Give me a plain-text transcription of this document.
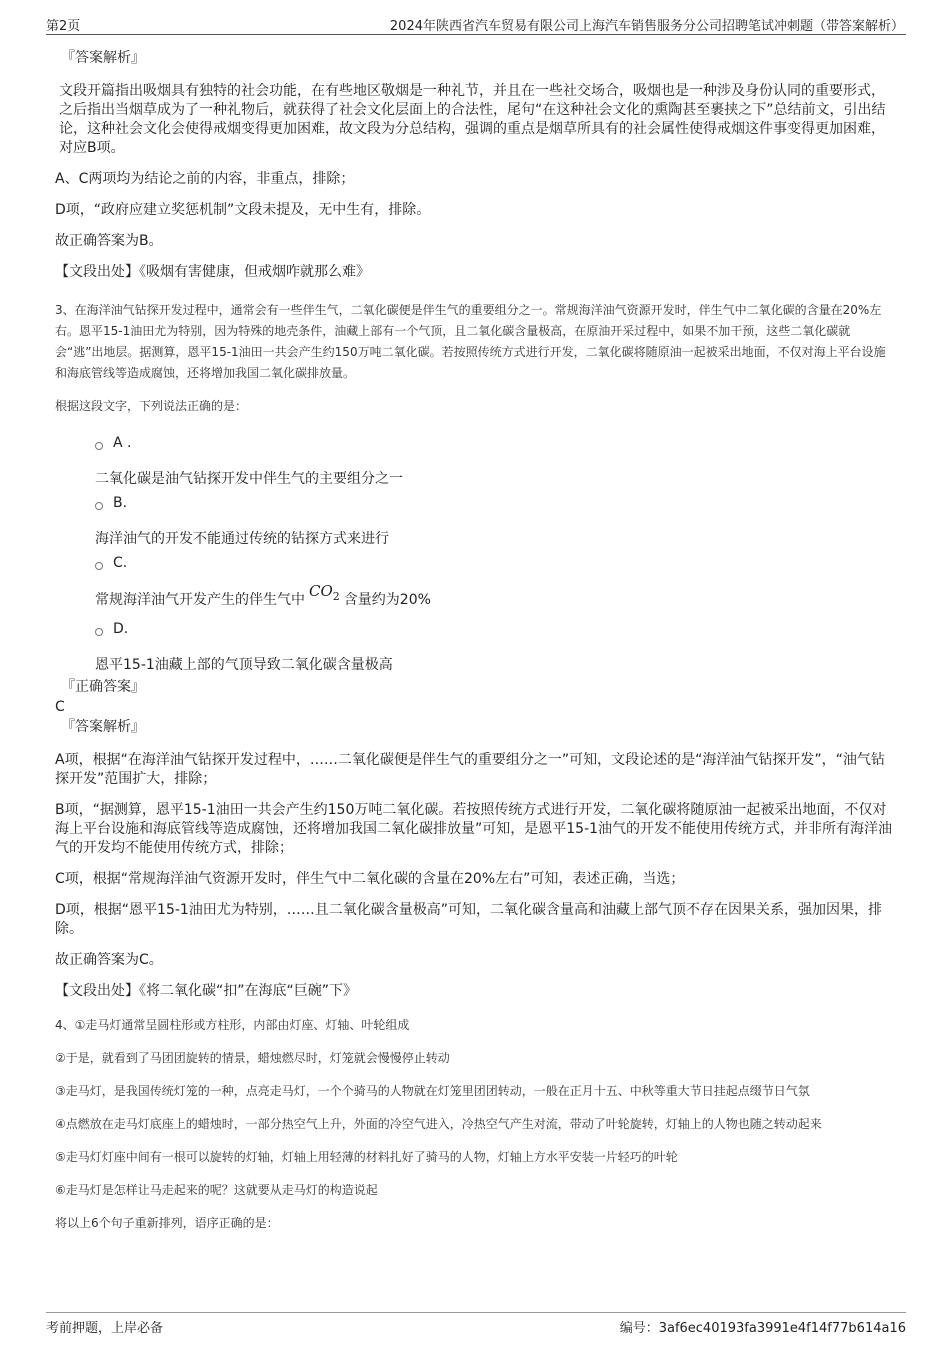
第2页	2024年陕西省汽车贸易有限公司上海汽车销售服务分公司招聘笔试冲刺题（带答案解析）
『答案解析』

文段开篇指出吸烟具有独特的社会功能，在有些地区敬烟是一种礼节，并且在一些社交场合，吸烟也是一种涉及身份认同的重要形式，之后指出当烟草成为了一种礼物后，就获得了社会文化层面上的合法性，尾句“在这种社会文化的熏陶甚至裹挟之下”总结前文，引出结论，这种社会文化会使得戒烟变得更加困难，故文段为分总结构，强调的重点是烟草所具有的社会属性使得戒烟这件事变得更加困难，对应B项。

A、C两项均为结论之前的内容，非重点，排除；

D项，“政府应建立奖惩机制”文段未提及，无中生有，排除。

故正确答案为B。

【文段出处】《吸烟有害健康，但戒烟咋就那么难》

3、在海洋油气钻探开发过程中，通常会有一些伴生气，二氧化碳便是伴生气的重要组分之一。常规海洋油气资源开发时，伴生气中二氧化碳的含量在20%左右。恩平15-1油田尤为特别，因为特殊的地壳条件，油藏上部有一个气顶，且二氧化碳含量极高，在原油开采过程中，如果不加干预，这些二氧化碳就会“逃”出地层。据测算，恩平15-1油田一共会产生约150万吨二氧化碳。若按照传统方式进行开发，二氧化碳将随原油一起被采出地面，不仅对海上平台设施和海底管线等造成腐蚀，还将增加我国二氧化碳排放量。

根据这段文字，下列说法正确的是：

A .
二氧化碳是油气钻探开发中伴生气的主要组分之一
B.
海洋油气的开发不能通过传统的钻探方式来进行
C.
常规海洋油气开发产生的伴生气中 $CO_2$ 含量约为20%
D.
恩平15-1油藏上部的气顶导致二氧化碳含量极高
『正确答案』
C
『答案解析』

A项，根据“在海洋油气钻探开发过程中，……二氧化碳便是伴生气的重要组分之一”可知，文段论述的是“海洋油气钻探开发”，“油气钻探开发”范围扩大，排除；

B项，“据测算，恩平15-1油田一共会产生约150万吨二氧化碳。若按照传统方式进行开发，二氧化碳将随原油一起被采出地面，不仅对海上平台设施和海底管线等造成腐蚀，还将增加我国二氧化碳排放量”可知，是恩平15-1油气的开发不能使用传统方式，并非所有海洋油气的开发均不能使用传统方式，排除；

C项，根据“常规海洋油气资源开发时，伴生气中二氧化碳的含量在20%左右”可知，表述正确，当选；

D项，根据“恩平15-1油田尤为特别，……且二氧化碳含量极高”可知，二氧化碳含量高和油藏上部气顶不存在因果关系，强加因果，排除。

故正确答案为C。

【文段出处】《将二氧化碳“扣”在海底“巨碗”下》

4、①走马灯通常呈圆柱形或方柱形，内部由灯座、灯轴、叶轮组成

②于是，就看到了马团团旋转的情景，蜡烛燃尽时，灯笼就会慢慢停止转动

③走马灯，是我国传统灯笼的一种，点亮走马灯，一个个骑马的人物就在灯笼里团团转动，一般在正月十五、中秋等重大节日挂起点缀节日气氛

④点燃放在走马灯底座上的蜡烛时，一部分热空气上升，外面的冷空气进入，冷热空气产生对流，带动了叶轮旋转，灯轴上的人物也随之转动起来

⑤走马灯灯座中间有一根可以旋转的灯轴，灯轴上用轻薄的材料扎好了骑马的人物，灯轴上方水平安装一片轻巧的叶轮

⑥走马灯是怎样让马走起来的呢？这就要从走马灯的构造说起

将以上6个句子重新排列，语序正确的是：

考前押题，上岸必备	编号：3af6ec40193fa3991e4f14f77b614a16
